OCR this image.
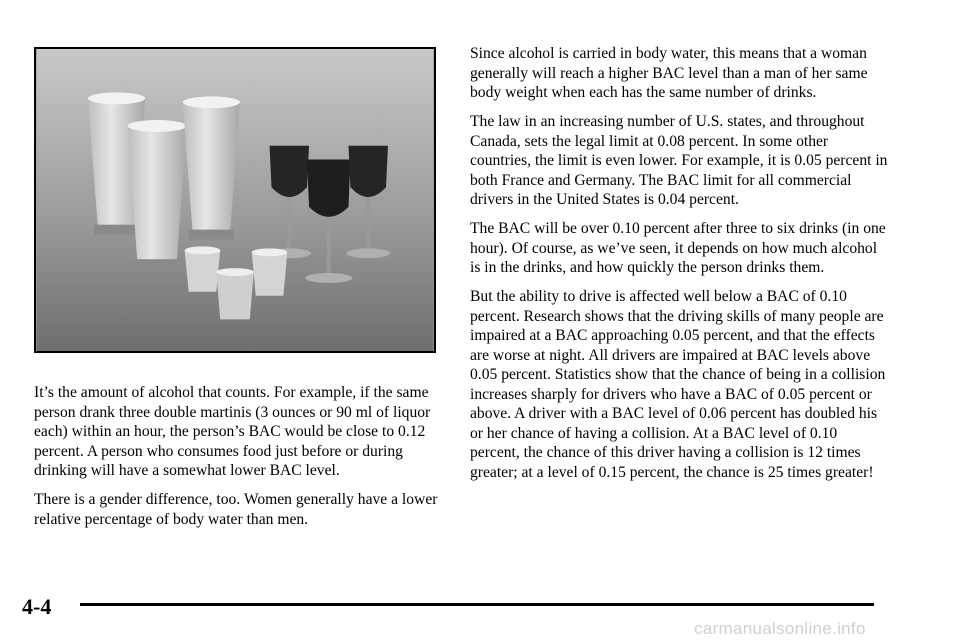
It’s the amount of alcohol that counts. For example, if the same person drank three double martinis (3 ounces or 90 ml of liquor each) within an hour, the person’s BAC would be close to 0.12 percent. A person who consumes food just before or during drinking will have a somewhat lower BAC level.

There is a gender difference, too. Women generally have a lower relative percentage of body water than men.

Since alcohol is carried in body water, this means that a woman generally will reach a higher BAC level than a man of her same body weight when each has the same number of drinks.

The law in an increasing number of U.S. states, and throughout Canada, sets the legal limit at 0.08 percent. In some other countries, the limit is even lower. For example, it is 0.05 percent in both France and Germany. The BAC limit for all commercial drivers in the United States is 0.04 percent.

The BAC will be over 0.10 percent after three to six drinks (in one hour). Of course, as we’ve seen, it depends on how much alcohol is in the drinks, and how quickly the person drinks them.

But the ability to drive is affected well below a BAC of 0.10 percent. Research shows that the driving skills of many people are impaired at a BAC approaching 0.05 percent, and that the effects are worse at night. All drivers are impaired at BAC levels above 0.05 percent. Statistics show that the chance of being in a collision increases sharply for drivers who have a BAC of 0.05 percent or above. A driver with a BAC level of 0.06 percent has doubled his or her chance of having a collision. At a BAC level of 0.10 percent, the chance of this driver having a collision is 12 times greater; at a level of 0.15 percent, the chance is 25 times greater!

4-4
carmanualsonline.info
